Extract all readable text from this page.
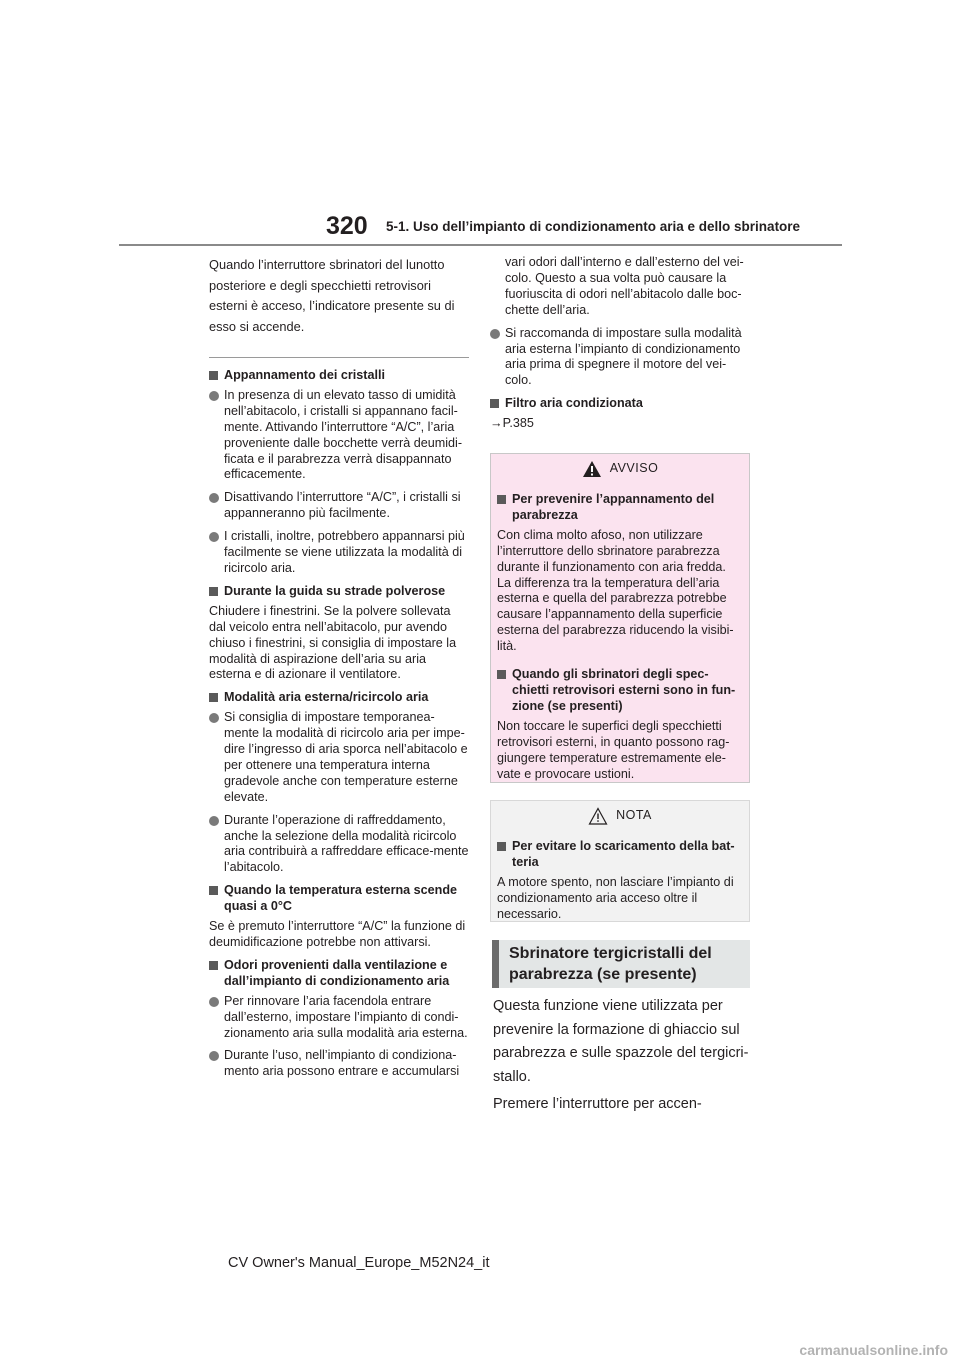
320 5-1. Uso dell’impianto di condizionamento aria e dello sbrinatore

Quando l’interruttore sbrinatori del lunotto

posteriore e degli specchietti retrovisori

esterni è acceso, l’indicatore presente su di

esso si accende.

Appannamento dei cristalli
In presenza di un elevato tasso di umidità nell’abitacolo, i cristalli si appannano facil-mente. Attivando l’interruttore “A/C”, l’aria proveniente dalle bocchette verrà deumidi-ficata e il parabrezza verrà disappannato efficacemente.
Disattivando l’interruttore “A/C”, i cristalli si appanneranno più facilmente.
I cristalli, inoltre, potrebbero appannarsi più facilmente se viene utilizzata la modalità di ricircolo aria.
Durante la guida su strade polverose
Chiudere i finestrini. Se la polvere sollevata dal veicolo entra nell’abitacolo, pur avendo chiuso i finestrini, si consiglia di impostare la modalità di aspirazione dell’aria su aria esterna e di azionare il ventilatore.
Modalità aria esterna/ricircolo aria
Si consiglia di impostare temporanea-mente la modalità di ricircolo aria per impe-dire l’ingresso di aria sporca nell’abitacolo e per ottenere una temperatura interna gradevole anche con temperature esterne elevate.
Durante l’operazione di raffreddamento, anche la selezione della modalità ricircolo aria contribuirà a raffreddare efficace-mente l’abitacolo.
Quando la temperatura esterna scende quasi a 0°C
Se è premuto l’interruttore “A/C” la funzione di deumidificazione potrebbe non attivarsi.
Odori provenienti dalla ventilazione e dall’impianto di condizionamento aria
Per rinnovare l’aria facendola entrare dall’esterno, impostare l’impianto di condi-zionamento aria sulla modalità aria esterna.
Durante l’uso, nell’impianto di condiziona-mento aria possono entrare e accumularsi
vari odori dall’interno e dall’esterno del vei-colo. Questo a sua volta può causare la fuoriuscita di odori nell’abitacolo dalle boc-chette dell’aria.
Si raccomanda di impostare sulla modalità aria esterna l’impianto di condizionamento aria prima di spegnere il motore del vei-colo.
Filtro aria condizionata
→P.385
AVVISO
Per prevenire l’appannamento del parabrezza
Con clima molto afoso, non utilizzare l’interruttore dello sbrinatore parabrezza durante il funzionamento con aria fredda. La differenza tra la temperatura dell’aria esterna e quella del parabrezza potrebbe causare l’appannamento della superficie esterna del parabrezza riducendo la visibi-lità.
Quando gli sbrinatori degli spec-chietti retrovisori esterni sono in fun-zione (se presenti)
Non toccare le superfici degli specchietti retrovisori esterni, in quanto possono rag-giungere temperature estremamente ele-vate e provocare ustioni.
NOTA
Per evitare lo scaricamento della bat-teria
A motore spento, non lasciare l’impianto di condizionamento aria acceso oltre il necessario.
Sbrinatore tergicristalli del parabrezza (se presente)

Questa funzione viene utilizzata per prevenire la formazione di ghiaccio sul parabrezza e sulle spazzole del tergicri-stallo.

Premere l’interruttore per accen-

CV Owner's Manual_Europe_M52N24_it
carmanualsonline.info
